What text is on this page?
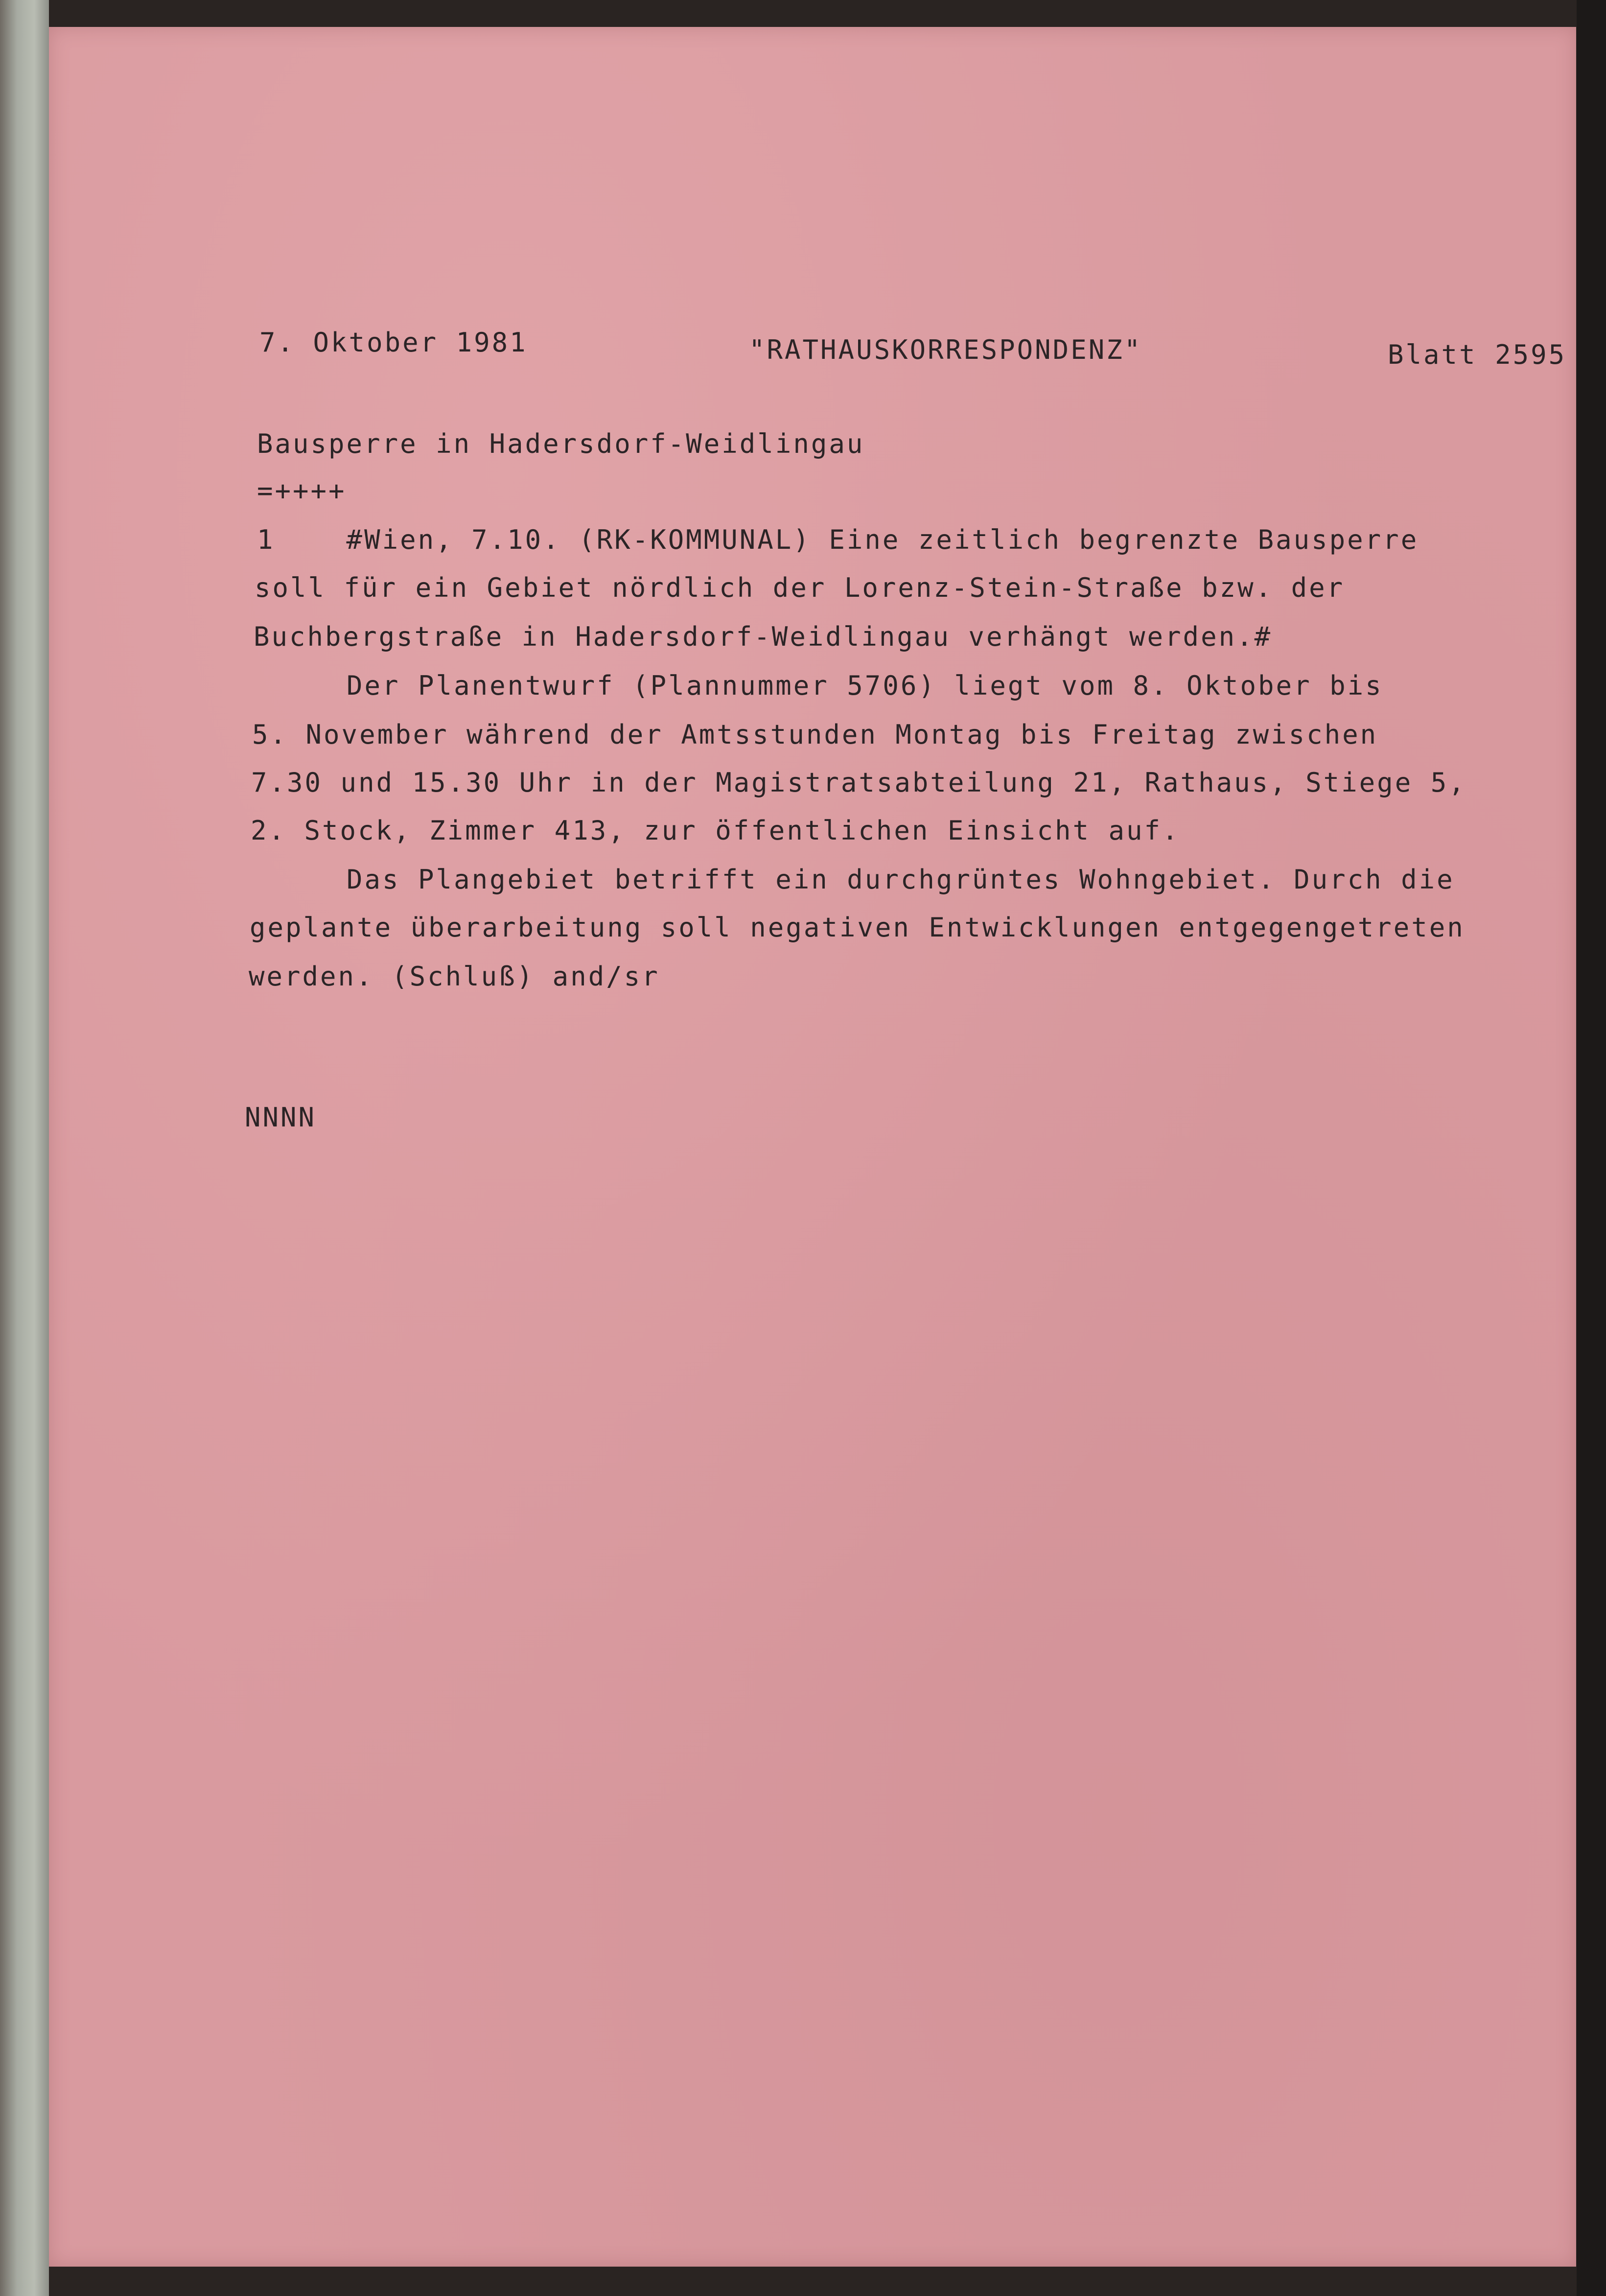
7. Oktober 1981	"RATHAUSKORRESPONDENZ"	Blatt 2595

Bausperre in Hadersdorf-Weidlingau

=++++

1    #Wien, 7.10. (RK-KOMMUNAL) Eine zeitlich begrenzte Bausperre

soll für ein Gebiet nördlich der Lorenz-Stein-Straße bzw. der

Buchbergstraße in Hadersdorf-Weidlingau verhängt werden.#

Der Planentwurf (Plannummer 5706) liegt vom 8. Oktober bis

5. November während der Amtsstunden Montag bis Freitag zwischen

7.30 und 15.30 Uhr in der Magistratsabteilung 21, Rathaus, Stiege 5,

2. Stock, Zimmer 413, zur öffentlichen Einsicht auf.

Das Plangebiet betrifft ein durchgrüntes Wohngebiet. Durch die

geplante überarbeitung soll negativen Entwicklungen entgegengetreten

werden. (Schluß) and/sr

NNNN
